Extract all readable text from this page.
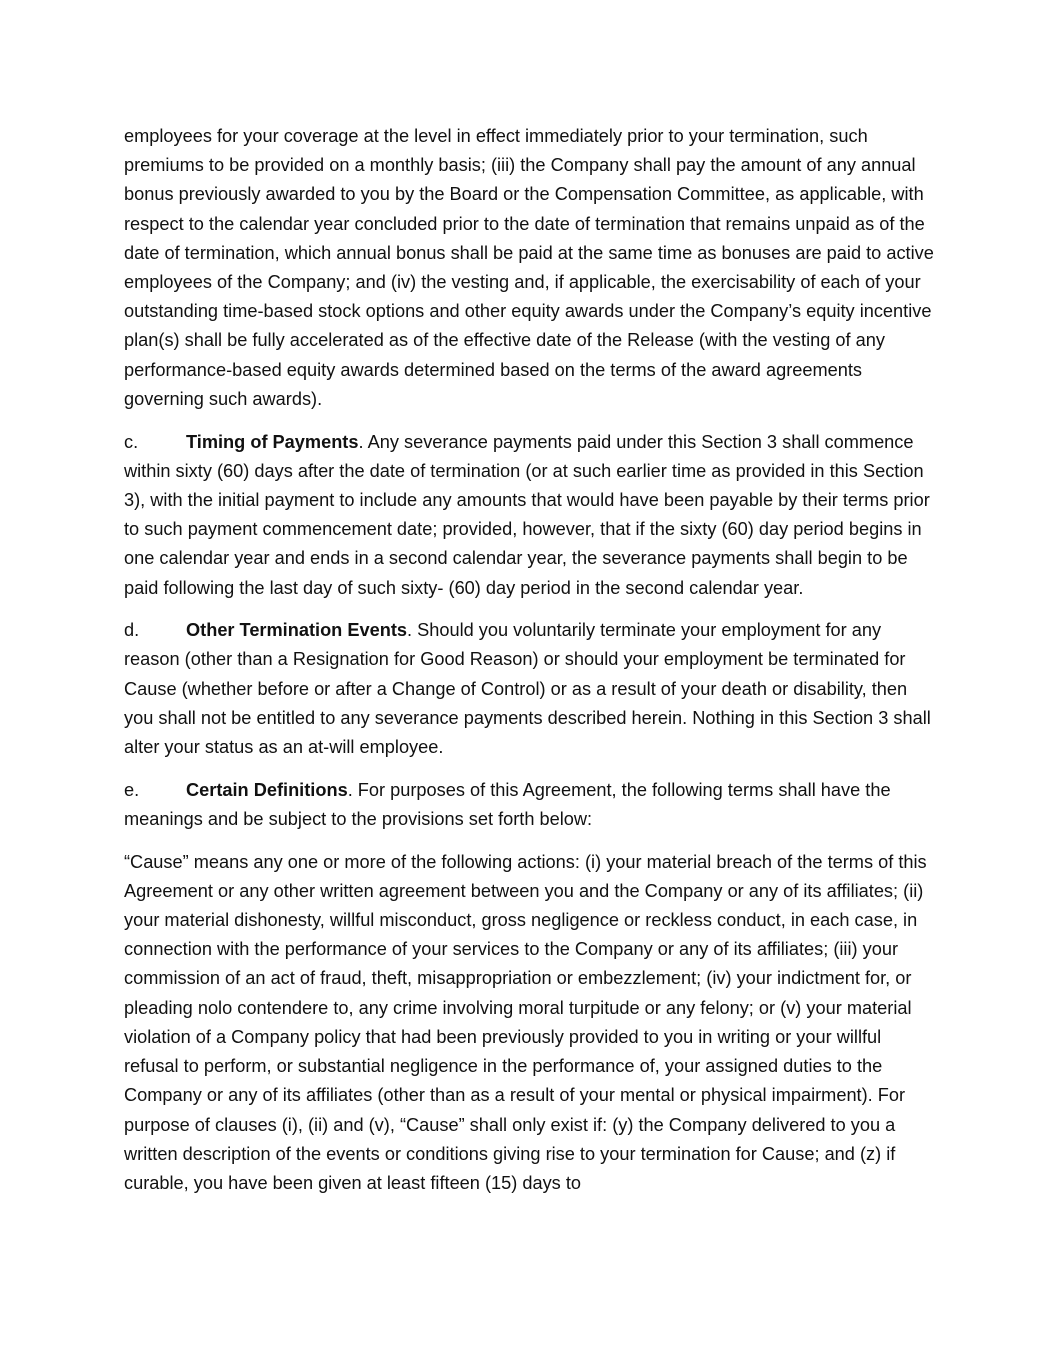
employees for your coverage at the level in effect immediately prior to your termination, such premiums to be provided on a monthly basis; (iii) the Company shall pay the amount of any annual bonus previously awarded to you by the Board or the Compensation Committee, as applicable, with respect to the calendar year concluded prior to the date of termination that remains unpaid as of the date of termination, which annual bonus shall be paid at the same time as bonuses are paid to active employees of the Company; and (iv) the vesting and, if applicable, the exercisability of each of your outstanding time-based stock options and other equity awards under the Company’s equity incentive plan(s) shall be fully accelerated as of the effective date of the Release (with the vesting of any performance-based equity awards determined based on the terms of the award agreements governing such awards).

c.	Timing of Payments. Any severance payments paid under this Section 3 shall commence within sixty (60) days after the date of termination (or at such earlier time as provided in this Section 3), with the initial payment to include any amounts that would have been payable by their terms prior to such payment commencement date; provided, however, that if the sixty (60) day period begins in one calendar year and ends in a second calendar year, the severance payments shall begin to be paid following the last day of such sixty- (60) day period in the second calendar year.

d.	Other Termination Events. Should you voluntarily terminate your employment for any reason (other than a Resignation for Good Reason) or should your employment be terminated for Cause (whether before or after a Change of Control) or as a result of your death or disability, then you shall not be entitled to any severance payments described herein. Nothing in this Section 3 shall alter your status as an at-will employee.

e.	Certain Definitions. For purposes of this Agreement, the following terms shall have the meanings and be subject to the provisions set forth below:

“Cause” means any one or more of the following actions: (i) your material breach of the terms of this Agreement or any other written agreement between you and the Company or any of its affiliates; (ii) your material dishonesty, willful misconduct, gross negligence or reckless conduct, in each case, in connection with the performance of your services to the Company or any of its affiliates; (iii) your commission of an act of fraud, theft, misappropriation or embezzlement; (iv) your indictment for, or pleading nolo contendere to, any crime involving moral turpitude or any felony; or (v) your material violation of a Company policy that had been previously provided to you in writing or your willful refusal to perform, or substantial negligence in the performance of, your assigned duties to the Company or any of its affiliates (other than as a result of your mental or physical impairment). For purpose of clauses (i), (ii) and (v), “Cause” shall only exist if: (y) the Company delivered to you a written description of the events or conditions giving rise to your termination for Cause; and (z) if curable, you have been given at least fifteen (15) days to
